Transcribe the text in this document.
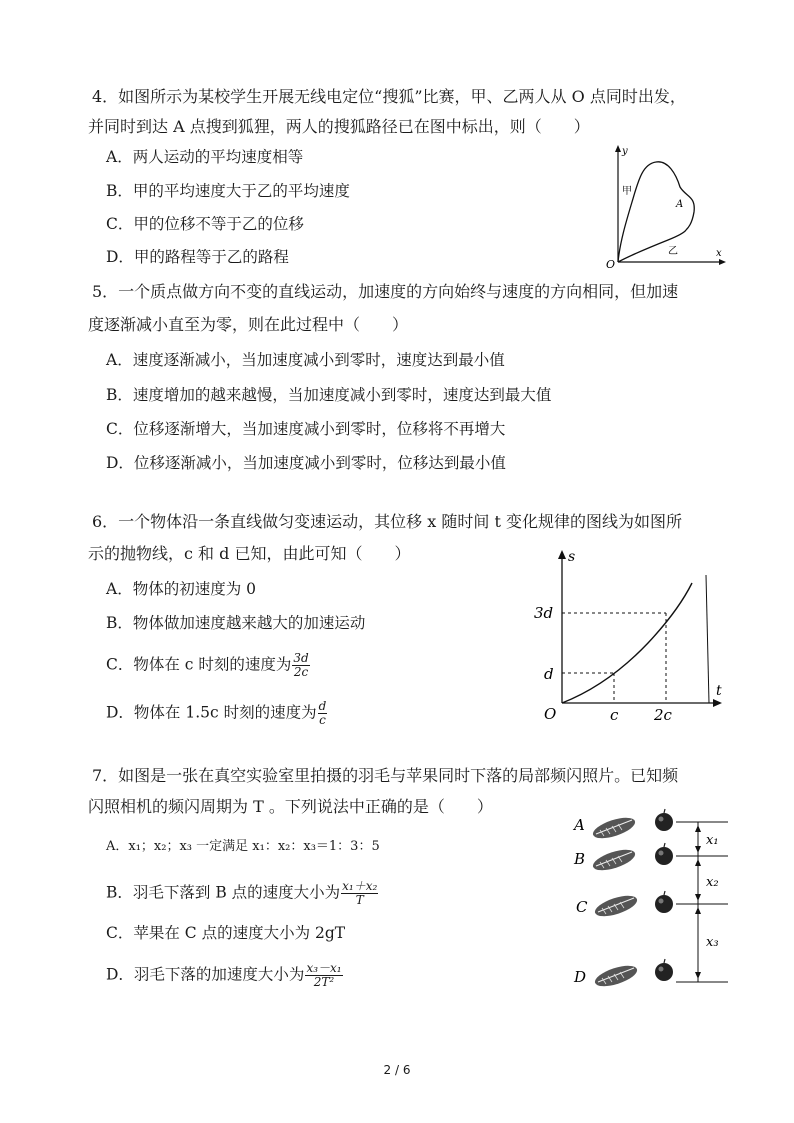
4．如图所示为某校学生开展无线电定位“搜狐”比赛，甲、乙两人从 O 点同时出发，
并同时到达 A 点搜到狐狸，两人的搜狐路径已在图中标出，则（　　）
A．两人运动的平均速度相等
B．甲的平均速度大于乙的平均速度
C．甲的位移不等于乙的位移
D．甲的路程等于乙的路程
y
x
O
甲
乙
A
5．一个质点做方向不变的直线运动，加速度的方向始终与速度的方向相同，但加速
度逐渐减小直至为零，则在此过程中（　　）
A．速度逐渐减小，当加速度减小到零时，速度达到最小值
B．速度增加的越来越慢，当加速度减小到零时，速度达到最大值
C．位移逐渐增大，当加速度减小到零时，位移将不再增大
D．位移逐渐减小，当加速度减小到零时，位移达到最小值
6．一个物体沿一条直线做匀变速运动，其位移 x 随时间 t 变化规律的图线为如图所
示的抛物线，c 和 d 已知，由此可知（　　）
A．物体的初速度为 0
B．物体做加速度越来越大的加速运动
C．物体在 c 时刻的速度为 $\frac{3d}{2c}$
D．物体在 1.5c 时刻的速度为 $\frac{d}{c}$
s
t
O
3d
d
c 2c
7．如图是一张在真空实验室里拍摄的羽毛与苹果同时下落的局部频闪照片。已知频
闪照相机的频闪周期为 T 。下列说法中正确的是（　　）
A．x₁；x₂；x₃ 一定满足 x₁：x₂：x₃＝1：3：5
B．羽毛下落到 B 点的速度大小为 $\frac{\text{x₁＋x₂}}{T}$
C．苹果在 C 点的速度大小为 2gT
D．羽毛下落的加速度大小为 $\frac{\text{x₃－x₁}}{\text{2T²}}$
A
B
C
D
x₁
x₂
x₃
2 / 6
